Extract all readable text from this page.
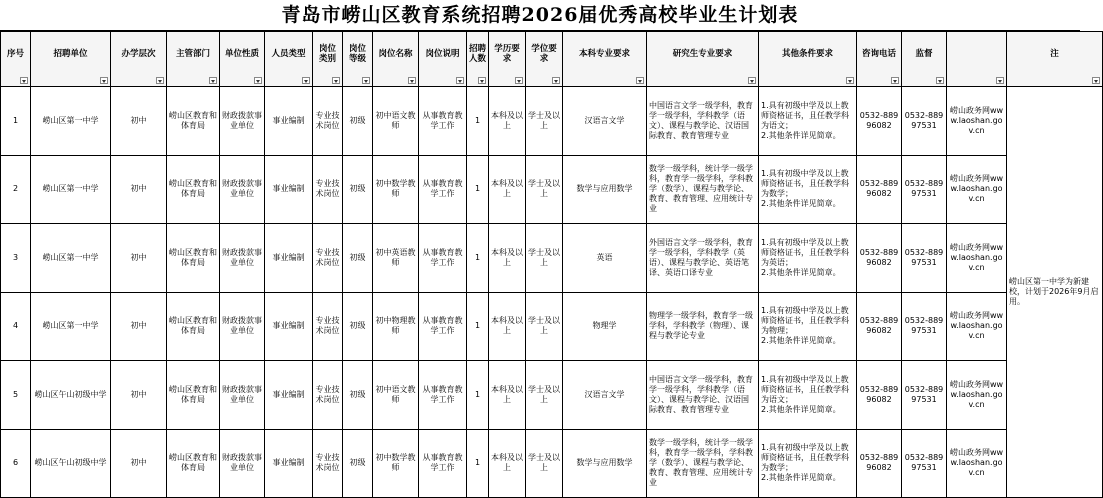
青岛市崂山区教育系统招聘2026届优秀高校毕业生计划表
序号	招聘单位	办学层次	主管部门	单位性质	人员类型	岗位类别	岗位等级	岗位名称	岗位说明	招聘人数	学历要求	学位要求	本科专业要求	研究生专业要求	其他条件要求	咨询电话	监督		注

1	崂山区第一中学	初中	崂山区教育和体育局	财政拨款事业单位	事业编制	专业技术岗位	初级	初中语文教师	从事教育教学工作	1	本科及以上	学士及以上	汉语言文学	中国语言文学一级学科，教育学一级学科，学科教学（语文）、课程与教学论、汉语国际教育、教育管理专业	1.具有初级中学及以上教师资格证书，且任教学科为语文；
2.其他条件详见简章。	0532-88996082	0532-88997531	崂山政务网www.laoshan.gov.cn	崂山区第一中学为新建校，计划于2026年9月启用。
2	崂山区第一中学	初中	崂山区教育和体育局	财政拨款事业单位	事业编制	专业技术岗位	初级	初中数学教师	从事教育教学工作	1	本科及以上	学士及以上	数学与应用数学	数学一级学科，统计学一级学科，教育学一级学科，学科教学（数学）、课程与教学论、教育、教育管理、应用统计专业	1.具有初级中学及以上教师资格证书，且任教学科为数学；
2.其他条件详见简章。	0532-88996082	0532-88997531	崂山政务网www.laoshan.gov.cn	
3	崂山区第一中学	初中	崂山区教育和体育局	财政拨款事业单位	事业编制	专业技术岗位	初级	初中英语教师	从事教育教学工作	1	本科及以上	学士及以上	英语	外国语言文学一级学科，教育学一级学科，学科教学（英语）、课程与教学论、英语笔译、英语口译专业	1.具有初级中学及以上教师资格证书，且任教学科为英语；
2.其他条件详见简章。	0532-88996082	0532-88997531	崂山政务网www.laoshan.gov.cn	
4	崂山区第一中学	初中	崂山区教育和体育局	财政拨款事业单位	事业编制	专业技术岗位	初级	初中物理教师	从事教育教学工作	1	本科及以上	学士及以上	物理学	物理学一级学科，教育学一级学科，学科教学（物理）、课程与教学论专业	1.具有初级中学及以上教师资格证书，且任教学科为物理；
2.其他条件详见简章。	0532-88996082	0532-88997531	崂山政务网www.laoshan.gov.cn	
5	崂山区午山初级中学	初中	崂山区教育和体育局	财政拨款事业单位	事业编制	专业技术岗位	初级	初中语文教师	从事教育教学工作	1	本科及以上	学士及以上	汉语言文学	中国语言文学一级学科，教育学一级学科，学科教学（语文）、课程与教学论、汉语国际教育、教育管理专业	1.具有初级中学及以上教师资格证书，且任教学科为语文；
2.其他条件详见简章。	0532-88996082	0532-88997531	崂山政务网www.laoshan.gov.cn	
6	崂山区午山初级中学	初中	崂山区教育和体育局	财政拨款事业单位	事业编制	专业技术岗位	初级	初中数学教师	从事教育教学工作	1	本科及以上	学士及以上	数学与应用数学	数学一级学科，统计学一级学科，教育学一级学科，学科教学（数学）、课程与教学论、教育、教育管理、应用统计专业	1.具有初级中学及以上教师资格证书，且任教学科为数学；
2.其他条件详见简章。	0532-88996082	0532-88997531	崂山政务网www.laoshan.gov.cn	
